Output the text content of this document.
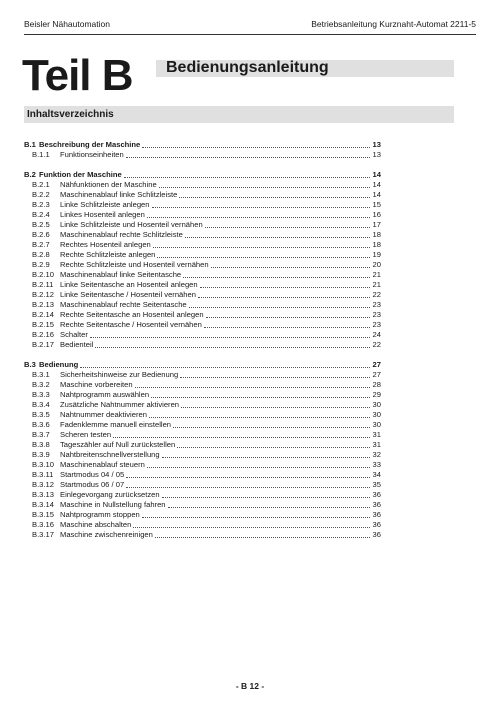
Beisler Nähautomation	Betriebsanleitung Kurznaht-Automat 2211-5
Teil B Bedienungsanleitung
Inhaltsverzeichnis
B.1 Beschreibung der Maschine	13
B.1.1 Funktionseinheiten	13
B.2 Funktion der Maschine	14
B.2.1 Nähfunktionen der Maschine	14
B.2.2 Maschinenablauf linke Schlitzleiste	14
B.2.3 Linke Schlitzleiste anlegen	15
B.2.4 Linkes Hosenteil anlegen	16
B.2.5 Linke Schlitzleiste und Hosenteil vernähen	17
B.2.6 Maschinenablauf rechte Schlitzleiste	18
B.2.7 Rechtes Hosenteil anlegen	18
B.2.8 Rechte Schlitzleiste anlegen	19
B.2.9 Rechte Schlitzleiste und Hosenteil vernähen	20
B.2.10 Maschinenablauf linke Seitentasche	21
B.2.11 Linke Seitentasche an Hosenteil anlegen	21
B.2.12 Linke Seitentasche / Hosenteil vernähen	22
B.2.13 Maschinenablauf rechte Seitentasche	23
B.2.14 Rechte Seitentasche an Hosenteil anlegen	23
B.2.15 Rechte Seitentasche / Hosenteil vernähen	23
B.2.16 Schalter	24
B.2.17 Bedienteil	22
B.3 Bedienung	27
B.3.1 Sicherheitshinweise zur Bedienung	27
B.3.2 Maschine vorbereiten	28
B.3.3 Nahtprogramm auswählen	29
B.3.4 Zusätzliche Nahtnummer aktivieren	30
B.3.5 Nahtnummer deaktivieren	30
B.3.6 Fadenklemme manuell einstellen	30
B.3.7 Scheren testen	31
B.3.8 Tageszähler auf Null zurückstellen	31
B.3.9 Nahtbreitenschnellverstellung	32
B.3.10 Maschinenablauf steuern	33
B.3.11 Startmodus 04 / 05	34
B.3.12 Startmodus 06 / 07	35
B.3.13 Einlegevorgang zurücksetzen	36
B.3.14 Maschine in Nullstellung fahren	36
B.3.15 Nahtprogramm stoppen	36
B.3.16 Maschine abschalten	36
B.3.17 Maschine zwischenreinigen	36
- B 12 -
